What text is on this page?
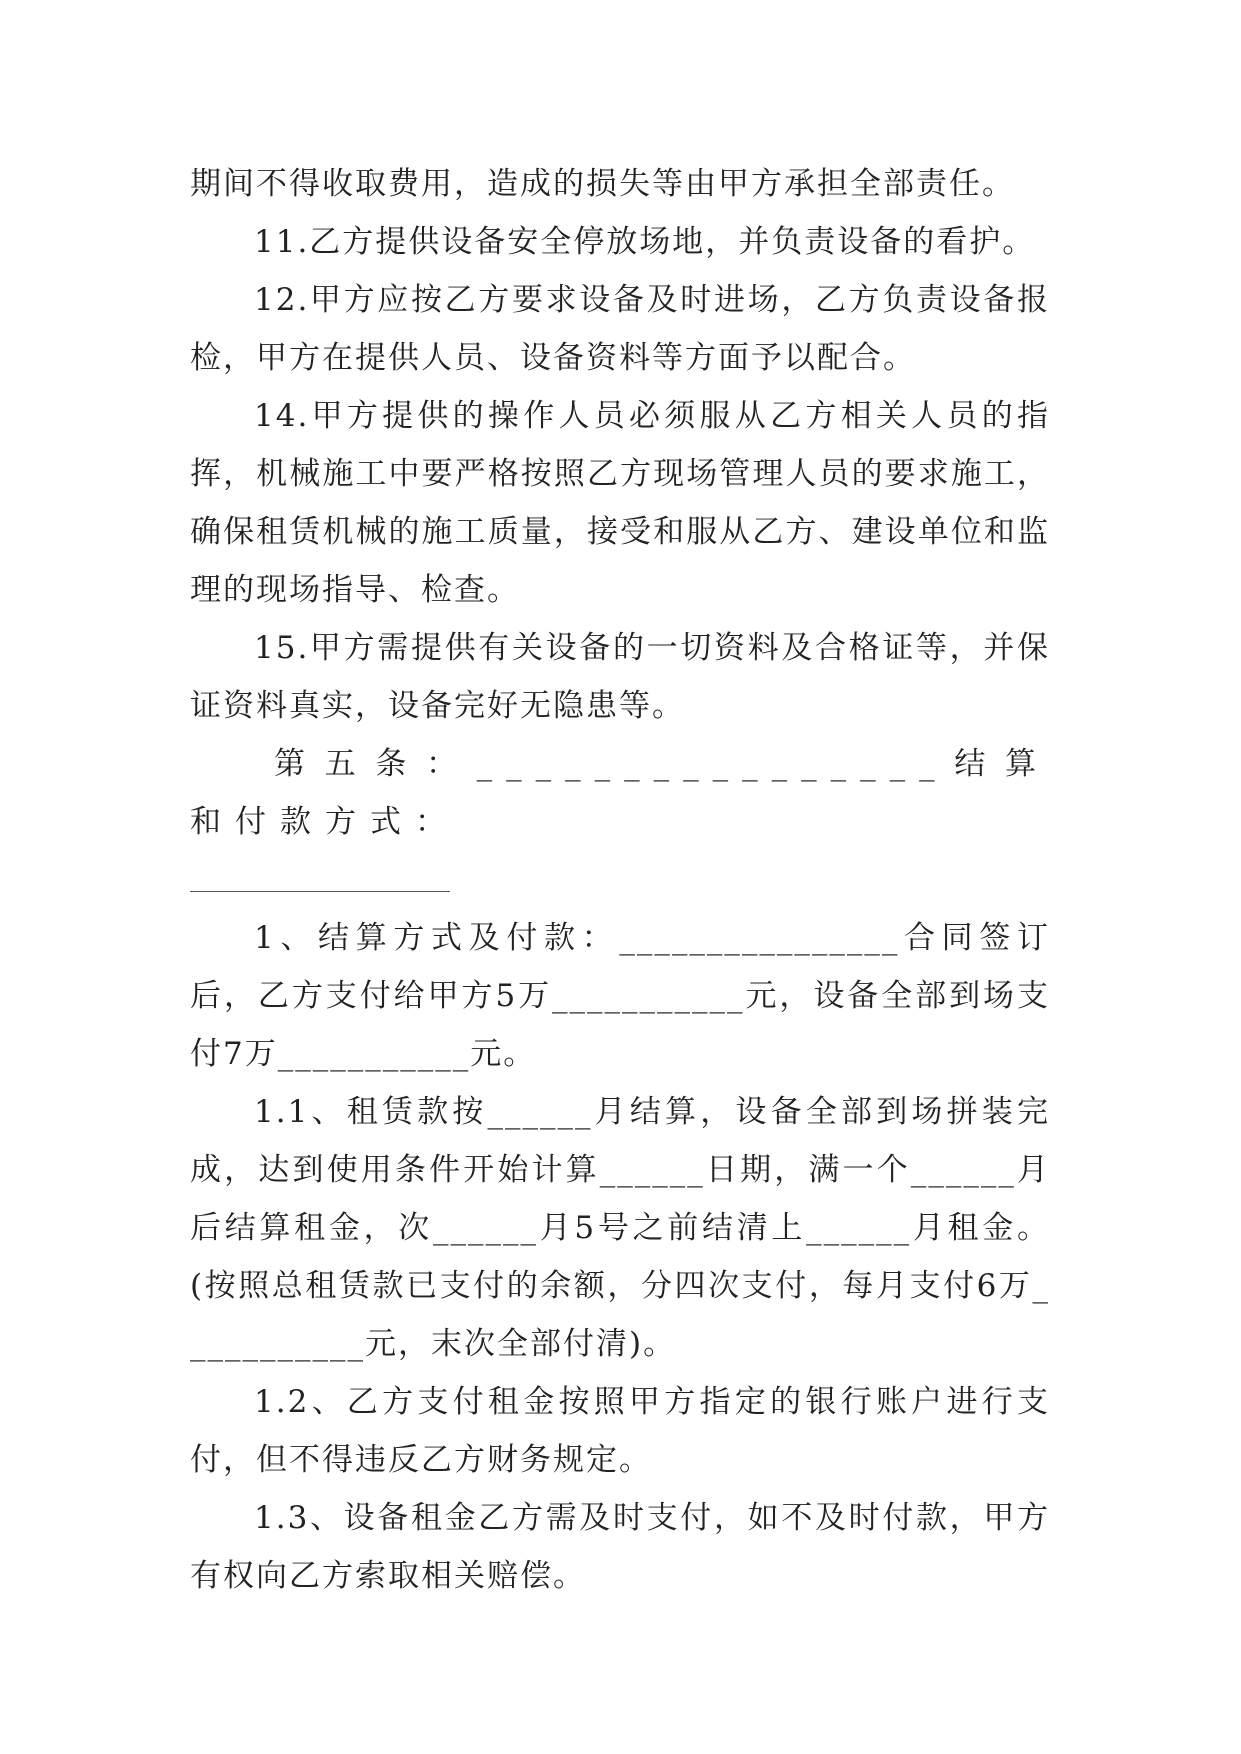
期间不得收取费用，造成的损失等由甲方承担全部责任。

11.乙方提供设备安全停放场地，并负责设备的看护。

12.甲方应按乙方要求设备及时进场，乙方负责设备报检，甲方在提供人员、设备资料等方面予以配合。

14.甲方提供的操作人员必须服从乙方相关人员的指挥，机械施工中要严格按照乙方现场管理人员的要求施工，确保租赁机械的施工质量，接受和服从乙方、建设单位和监理的现场指导、检查。

15.甲方需提供有关设备的一切资料及合格证等，并保证资料真实，设备完好无隐患等。

第五条：________________结算和付款方式：

1、结算方式及付款：________________合同签订后，乙方支付给甲方5万___________元，设备全部到场支付7万___________元。

1.1、租赁款按______月结算，设备全部到场拼装完成，达到使用条件开始计算______日期，满一个______月后结算租金，次______月5号之前结清上______月租金。(按照总租赁款已支付的余额，分四次支付，每月支付6万___________元，末次全部付清)。

1.2、乙方支付租金按照甲方指定的银行账户进行支付，但不得违反乙方财务规定。

1.3、设备租金乙方需及时支付，如不及时付款，甲方有权向乙方索取相关赔偿。
